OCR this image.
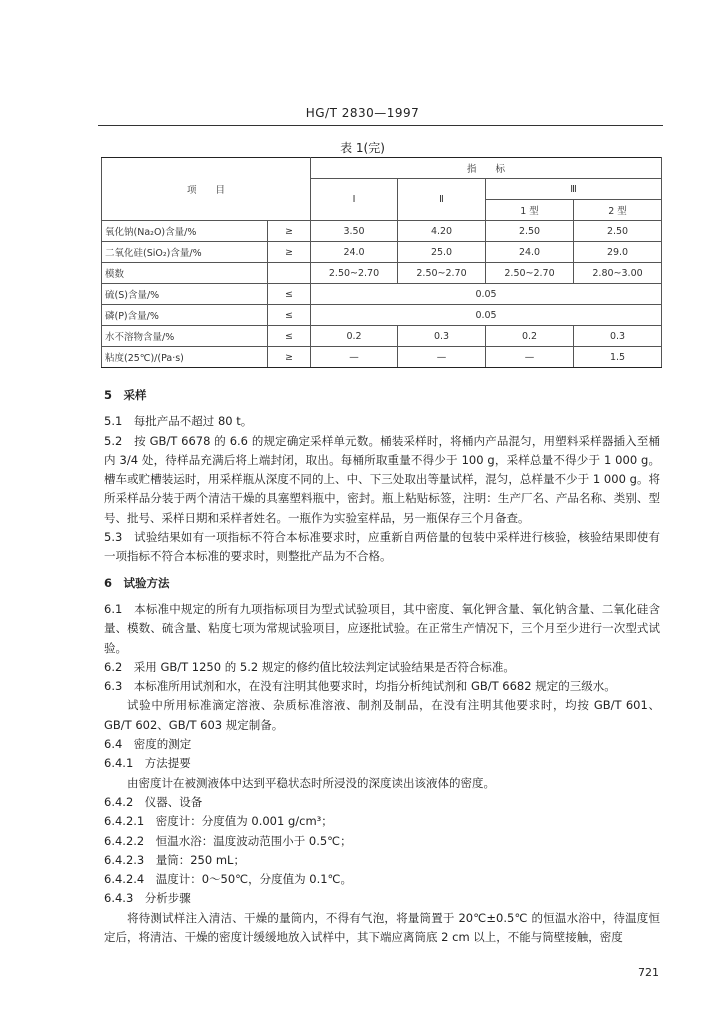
HG/T 2830—1997
表 1(完)
项　　目		指　　标			
		Ⅰ	Ⅱ	Ⅲ	
				1 型	2 型
氧化钠(Na₂O)含量/%	≥	3.50	4.20	2.50	2.50
二氧化硅(SiO₂)含量/%	≥	24.0	25.0	24.0	29.0
模数		2.50~2.70	2.50~2.70	2.50~2.70	2.80~3.00
硫(S)含量/%	≤	0.05			
磷(P)含量/%	≤	0.05			
水不溶物含量/%	≤	0.2	0.3	0.2	0.3
粘度(25℃)/(Pa·s)	≥	—	—	—	1.5

5　采样

5.1　每批产品不超过 80 t。

5.2　按 GB/T 6678 的 6.6 的规定确定采样单元数。桶装采样时，将桶内产品混匀，用塑料采样器插入至桶内 3/4 处，待样品充满后将上端封闭，取出。每桶所取重量不得少于 100 g，采样总量不得少于 1 000 g。槽车或贮槽装运时，用采样瓶从深度不同的上、中、下三处取出等量试样，混匀，总样量不少于 1 000 g。将所采样品分装于两个清洁干燥的具塞塑料瓶中，密封。瓶上粘贴标签，注明：生产厂名、产品名称、类别、型号、批号、采样日期和采样者姓名。一瓶作为实验室样品，另一瓶保存三个月备查。

5.3　试验结果如有一项指标不符合本标准要求时，应重新自两倍量的包装中采样进行核验，核验结果即使有一项指标不符合本标准的要求时，则整批产品为不合格。

6　试验方法

6.1　本标准中规定的所有九项指标项目为型式试验项目，其中密度、氧化钾含量、氧化钠含量、二氧化硅含量、模数、硫含量、粘度七项为常规试验项目，应逐批试验。在正常生产情况下，三个月至少进行一次型式试验。

6.2　采用 GB/T 1250 的 5.2 规定的修约值比较法判定试验结果是否符合标准。

6.3　本标准所用试剂和水，在没有注明其他要求时，均指分析纯试剂和 GB/T 6682 规定的三级水。

试验中所用标准滴定溶液、杂质标准溶液、制剂及制品，在没有注明其他要求时，均按 GB/T 601、GB/T 602、GB/T 603 规定制备。

6.4　密度的测定

6.4.1　方法提要

由密度计在被测液体中达到平稳状态时所浸没的深度读出该液体的密度。

6.4.2　仪器、设备

6.4.2.1　密度计：分度值为 0.001 g/cm³；

6.4.2.2　恒温水浴：温度波动范围小于 0.5℃；

6.4.2.3　量筒：250 mL；

6.4.2.4　温度计：0～50℃，分度值为 0.1℃。

6.4.3　分析步骤

将待测试样注入清洁、干燥的量筒内，不得有气泡，将量筒置于 20℃±0.5℃ 的恒温水浴中，待温度恒定后，将清洁、干燥的密度计缓缓地放入试样中，其下端应离筒底 2 cm 以上，不能与筒壁接触，密度

721
